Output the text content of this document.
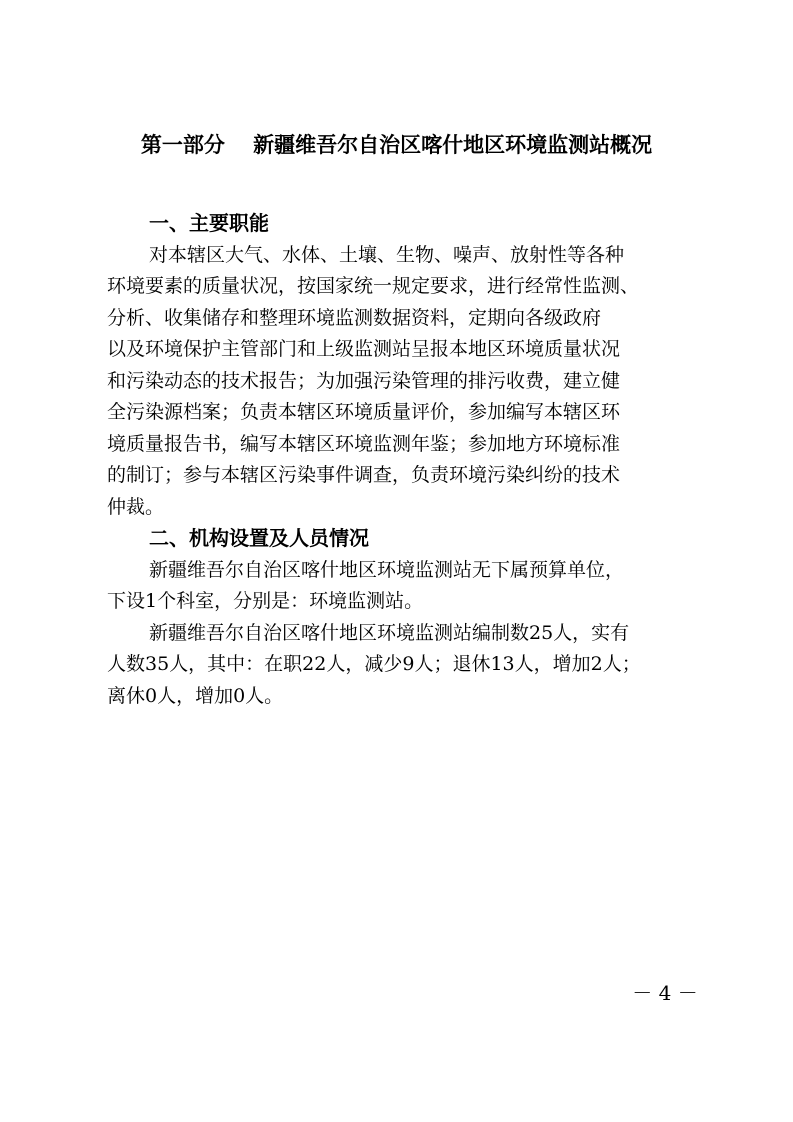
第一部分　 新疆维吾尔自治区喀什地区环境监测站概况

一、主要职能

对本辖区大气、水体、土壤、生物、噪声、放射性等各种

环境要素的质量状况，按国家统一规定要求，进行经常性监测、

分析、收集储存和整理环境监测数据资料，定期向各级政府

以及环境保护主管部门和上级监测站呈报本地区环境质量状况

和污染动态的技术报告；为加强污染管理的排污收费，建立健

全污染源档案；负责本辖区环境质量评价，参加编写本辖区环

境质量报告书，编写本辖区环境监测年鉴；参加地方环境标准

的制订；参与本辖区污染事件调查，负责环境污染纠纷的技术

仲裁。

二、机构设置及人员情况

新疆维吾尔自治区喀什地区环境监测站无下属预算单位，

下设1个科室，分别是：环境监测站。

新疆维吾尔自治区喀什地区环境监测站编制数25人，实有

人数35人，其中：在职22人，减少9人；退休13人，增加2人；

离休0人，增加0人。

－ 4 －
